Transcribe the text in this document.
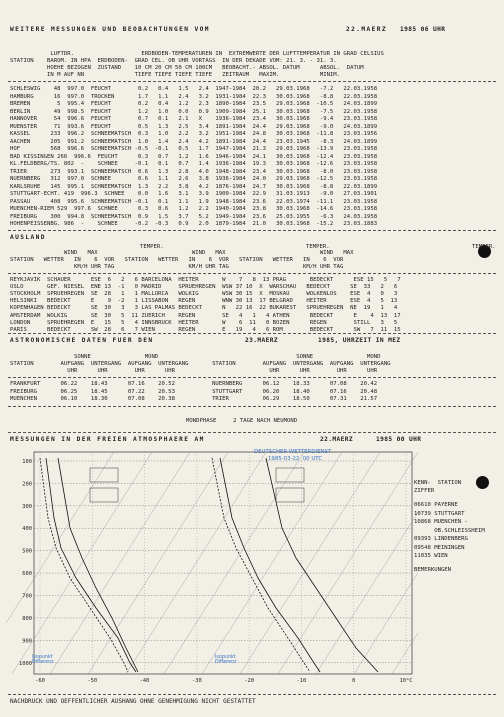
WEITERE MESSUNGEN UND BEOBACHTUNGEN VOM	22.MAERZ 1985 06 UHR
LUFTDR.                    ERDBODEN-TEMPERATUREN IN  EXTREMWERTE DER LUFTTEMPERATUR IN GRAD CELSIUS
STATION    BAROM. IN HPA  ERDBODEN-  GRAD CEL. OB UHR VORTAGS  IN DER DEKADE VOM: 21. 3. - 31. 3.
HOEHE BEZOGEN  ZUSTAND    10 CM 20 CM 50 CM 100CM   BEOBACHT.- ABSOL. DATUM      ABSOL.  DATUM
IN M AUF NN               TIEFE TIEFE TIEFE TIEFE   ZEITRAUM   MAXIM.            MINIM.
SCHLESWIG    48  997.0  FEUCHT        0.2   0.4   1.5   2.4  1947-1984  20.2   29.03.1968   -7.2   22.03.1958
HAMBURG      16  997.0  TROCKEN       1.7   1.1   2.4   3.2  1931-1984  22.3   30.03.1968   -8.8   22.03.1958
BREMEN        5  995.4  FEUCHT        0.2   0.4   1.2   2.3  1890-1984  23.5   29.03.1968  -10.5   24.03.1899
BERLIN       49  998.5  FEUCHT        1.2   1.0   0.0   0.9  1909-1984  25.1   30.03.1968   -7.5   22.03.1958
HANNOVER     54  996.6  FEUCHT        0.7   0.1   2.1   X    1936-1984  23.4   30.03.1968   -9.4   23.03.1958
MUENSTER     71  993.6  FEUCHT        0.5   1.3   2.5   3.4  1891-1984  24.4   29.03.1968   -9.0   24.03.1899
KASSEL      233  996.2  SCHNEEMATSCH  0.3   1.0   2.2   3.2  1951-1984  24.8   30.03.1968  -11.8   23.03.1956
AACHEN      205  991.2  SCHNEEMATSCH  1.0   1.4   2.4   4.2  1891-1984  24.4   23.03.1945   -8.3   24.03.1899
HOF         568  996.6  SCHNEEMATSCH -0.5  -0.1   0.5   1.7  1947-1984  21.3   29.03.1968  -13.9   23.03.1958
BAD KISSINGEN 266  996.6  FEUCHT      0.3   0.7   1.2   1.6  1946-1984  24.1   30.03.1968  -12.4   23.03.1958
KL.FELDBERG/TS. 802  -    SCHNEE     -0.1   0.1   0.7   1.4  1936-1984  19.3   30.03.1968  -12.6   23.03.1958
TRIER       273  993.1  SCHNEEMATSCH  0.6   1.3   2.8   4.0  1948-1984  23.4   30.03.1968   -8.0   23.03.1958
NUERNBERG   312  997.0  SCHNEE        0.6   1.1   2.6   3.8  1936-1984  24.0   29.03.1968  -12.5   23.03.1958
KARLSRUHE   145  995.1  SCHNEEMATSCH  1.3   2.2   3.8   4.2  1876-1984  24.7   30.03.1968   -8.8   22.03.1899
STUTTGART-ECHT. 419  996.3  SCHNEE    0.0   1.6   3.1   3.9  1900-1984  22.9   31.03.1913   -9.0   27.03.1901
PASSAU      408  995.6  SCHNEEMATSCH -0.1   0.1   1.1   1.9  1948-1984  23.6   22.03.1974  -11.1   23.03.1958
MUENCHEN-RIEM 529  997.6  SCHNEE      0.3   0.6   1.2   2.2  1940-1984  23.8   30.03.1968  -14.6   23.03.1958
FREIBURG    300  994.8  SCHNEEMATSCH  0.9   1.5   3.7   5.2  1949-1984  23.6   25.03.1955   -6.3   24.03.1958
HOHENPEISSENBG. 986  -    SCHNEE     -0.2  -0.3   0.9   2.0  1879-1984  21.0   30.03.1968  -15.2   23.03.1883
AUSLAND
TEMPER.	TEMPER.	TEMPER.
WIND   MAX                            WIND   MAX                            WIND   MAX
STATION   WETTER   IN    6  VOR   STATION   WETTER   IN    6  VOR   STATION   WETTER   IN    6  VOR
KM/H UHR TAG                      KM/H UHR TAG                      KM/H UHR TAG
REYKJAVIK  SCHAUER      ESE  6   2   6 BARCELONA  HEITER       W    7   8  13 PRAG       BEDECKT      ESE 15   5   7
OSLO       GEF. NIESEL  ENE 13  -1   0 MADRID     SPRUEHREGEN  WSW 37 10  X  WARSCHAU   BEDECKT      SE  33   2   6
STOCKHOLM  SPRUEHREGEN  SE  28   1   1 MALLORCA   WOLKIG       WSW 30 15  X  MOSKAU     WOLKENLOS    ESE  4   0   3
HELSINKI   BEDECKT      E    9  -2   1 LISSABON   REGEN        WNW 30 13  17 BELGRAD    HEITER       ESE  4   5  13
KOPENHAGEN BEDECKT      SE  30   3   3 LAS PALMAS BEDECKT      N   22 16  22 BUKAREST   SPRUEHREGEN  NE  19   1   4
AMSTERDAM  WOLKIG       SE  30   5  11 ZUERICH    REGEN        SE   4   1   4 ATHEN      BEDECKT      E    4  13  17
LONDON     SPRUEHREGEN  E   15   5   4 INNSBRUCK  HEITER       W    6  11   0 BOZEN      REGEN        STILL   3   5
PARIS      BEDECKT      SW  28   6   7 WIEN       REGEN        E   19   4   6 ROM        BEDECKT      SW   7  11  15
ASTRONOMISCHE DATEN FUER DEN	23.MAERZ	1985, UHRZEIT IN MEZ
SONNE                MOND                                         SONNE                MOND
STATION        AUFGANG  UNTERGANG  AUFGANG  UNTERGANG       STATION        AUFGANG  UNTERGANG  AUFGANG  UNTERGANG
UHR      UHR        UHR      UHR                            UHR      UHR        UHR      UHR
FRANKFURT      06.22    18.43      07.16    20.52           NUERNBERG      06.12    18.33      07.08    20.42
FREIBURG       06.25    18.45      07.22    20.53           STUTTGART      06.20    18.40      07.16    20.48
MUENCHEN       06.10    18.30      07.08    20.38           TRIER          06.29    18.50      07.31    21.57
MONDPHASE     2 TAGE NACH NEUMOND
MESSUNGEN IN DER FREIEN ATMOSPHAERE AM	22.MAERZ	1985 00 UHR
100
200
300
400
500
600
700
800
900
1000
-60	-50	-40	-30	-20	-10	0	10°C
DEUTSCHER WETTERDIENST
1985-03-22  00 UTC
Isopunkt
Differenz
Isopunkt
Differenz
KENN-  STATION
ZIFFER
06610 PAYERNE
10739 STUTTGART
10868 MUENCHEN -
OB.SCHLEISSHEIM
09393 LINDENBERG
09548 MEININGEN
11035 WIEN
BEMERKUNGEN
NACHDRUCK UND OEFFENTLICHER AUSHANG OHNE GENEHMIGUNG NICHT GESTATTET
